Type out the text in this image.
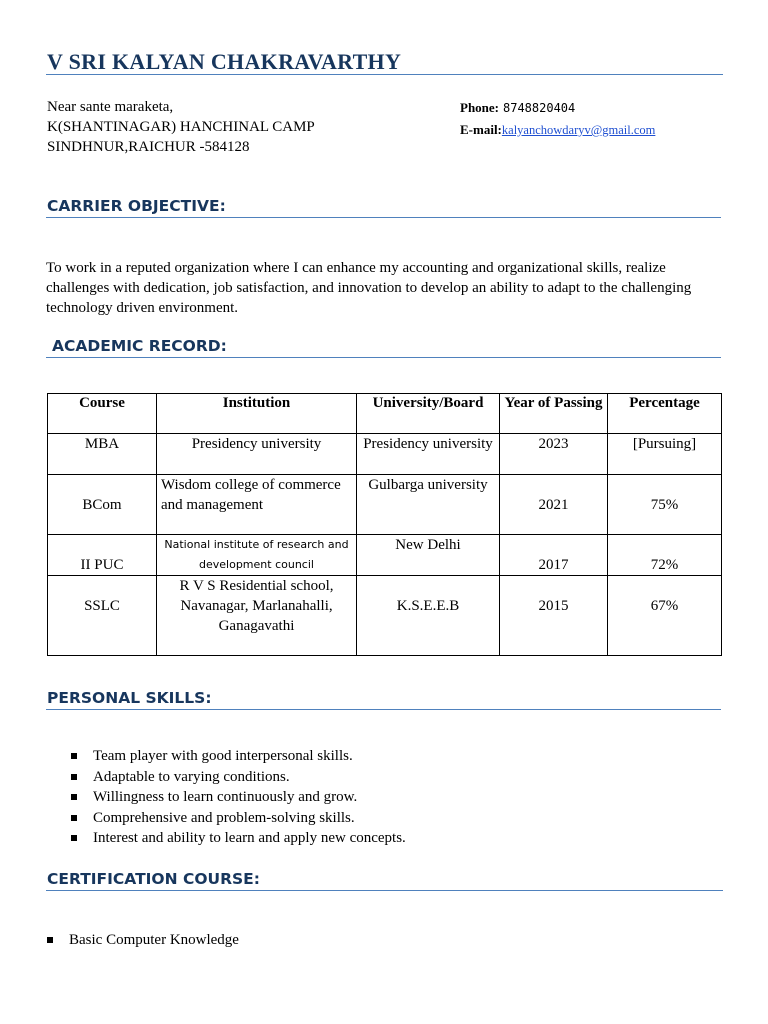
V SRI KALYAN CHAKRAVARTHY
Near sante maraketa,
K(SHANTINAGAR) HANCHINAL CAMP
SINDHNUR,RAICHUR -584128
Phone: 8748820404
E-mail:kalyanchowdaryv@gmail.com
CARRIER OBJECTIVE:
To work in a reputed organization where I can enhance my accounting and organizational skills, realize challenges with dedication, job satisfaction, and innovation to develop an ability to adapt to the challenging technology driven environment.
ACADEMIC RECORD:
Course	Institution	University/Board	Year of Passing	Percentage
MBA	Presidency university	Presidency university	2023	[Pursuing]
BCom	Wisdom college of commerce and management	Gulbarga university	2021	75%
II PUC	National institute of research and development council	New Delhi	2017	72%
SSLC	R V S Residential school, Navanagar, Marlanahalli, Ganagavathi	K.S.E.E.B	2015	67%
PERSONAL SKILLS:
Team player with good interpersonal skills.
Adaptable to varying conditions.
Willingness to learn continuously and grow.
Comprehensive and problem-solving skills.
Interest and ability to learn and apply new concepts.
CERTIFICATION COURSE:
Basic Computer Knowledge
